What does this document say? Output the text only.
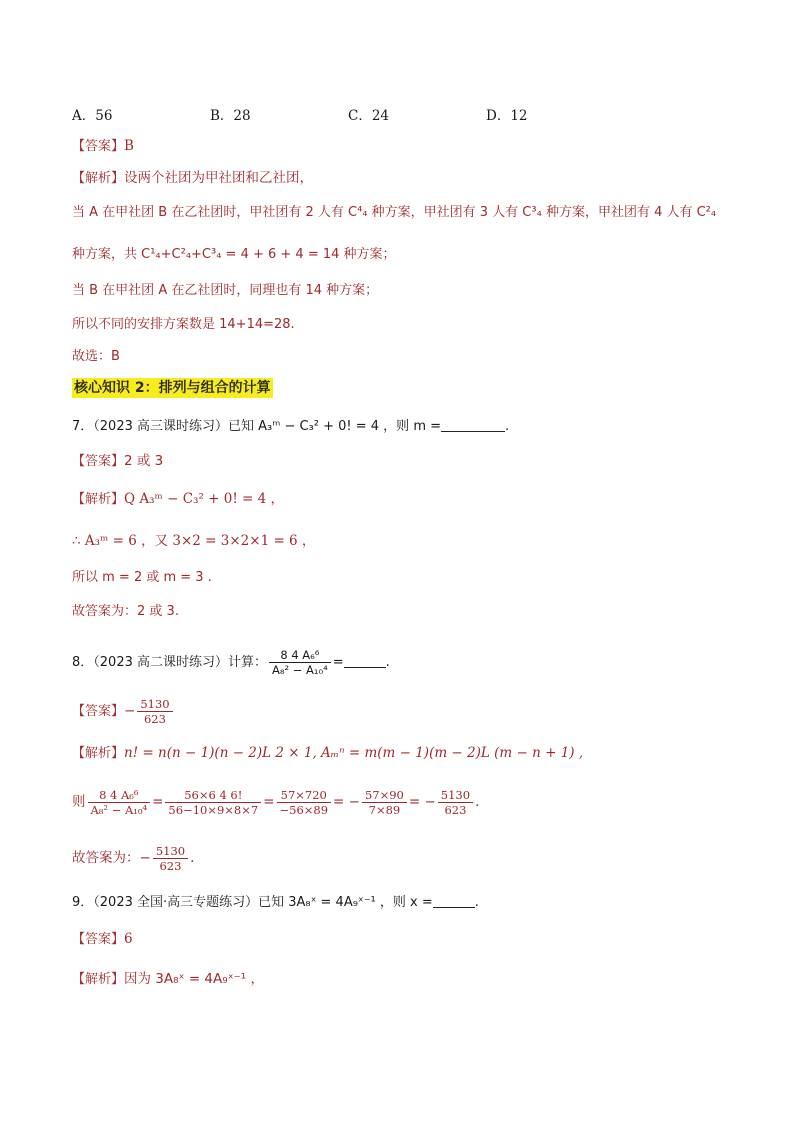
A．56	B．28	C．24	D．12
【答案】B
【解析】设两个社团为甲社团和乙社团，
当 A 在甲社团 B 在乙社团时，甲社团有 2 人有 C⁴₄ 种方案，甲社团有 3 人有 C³₄ 种方案，甲社团有 4 人有 C²₄
种方案，共 C¹₄+C²₄+C³₄ = 4 + 6 + 4 = 14 种方案；
当 B 在甲社团 A 在乙社团时，同理也有 14 种方案；
所以不同的安排方案数是 14+14=28.
故选：B
核心知识 2：排列与组合的计算
7．（2023 高三课时练习）已知 A₃ᵐ − C₃² + 0! = 4 ，则 m =	.
【答案】2 或 3
【解析】Q A₃ᵐ − C₃² + 0! = 4 ，
∴ A₃ᵐ = 6 ，又 3×2 = 3×2×1 = 6 ，
所以 m = 2 或 m = 3 .
故答案为：2 或 3.
8．（2023 高二课时练习）计算： $\frac{\text{8 4 A₆⁶}}{\text{A₈² − A₁₀⁴}}$ =	.
【答案】− $\frac{5130}{623}$
【解析】n! = n(n − 1)(n − 2)L 2 × 1, Aₘⁿ = m(m − 1)(m − 2)L (m − n + 1) ,
则 $\frac{\text{8 4 A₆⁶}}{\text{A₈² − A₁₀⁴}} = \frac{56\times 6 4 6!}{56-10\times 9\times 8\times 7} = \frac{57\times 720}{-56\times 89}$ = − $\frac{57\times 90}{7\times 89}$ = − $\frac{5130}{623}$ .
故答案为：− $\frac{5130}{623}$ .
9．（2023 全国·高三专题练习）已知 3A₈ˣ = 4A₉ˣ⁻¹ ，则 x =	.
【答案】6
【解析】因为 3A₈ˣ = 4A₉ˣ⁻¹ ，
